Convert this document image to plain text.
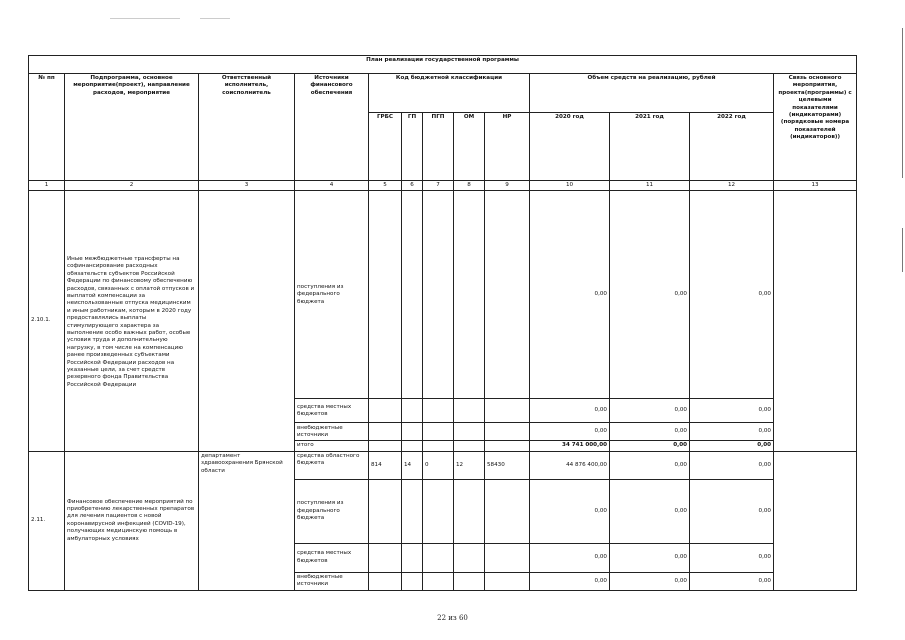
План реализации государственной программы												
№ пп	Подпрограмма, основное мероприятие(проект), направление расходов, мероприятие	Ответственный исполнитель, соисполнитель	Источники финансового обеспечения	Код бюджетной классификации					Объем средств на реализацию, рублей			Связь основного мероприятия, проекта(программы) с целевыми показателями (индикаторами) (порядковые номера показателей (индикаторов))
				ГРБС	ГП	ПГП	ОМ	НР	2020 год	2021 год	2022 год	
1	2	3	4	5	6	7	8	9	10	11	12	13
2.10.1.	Иные межбюджетные трансферты на софинансирование расходных обязательств субъектов Российской Федерации по финансовому обеспечению расходов, связанных с оплатой отпусков и выплатой компенсации за неиспользованные отпуска медицинским и иным работникам, которым в 2020 году предоставлялись выплаты стимулирующего характера за выполнение особо важных работ, особые условия труда и дополнительную нагрузку, в том числе на компенсацию ранее произведенных субъектами Российской Федерации расходов на указанные цели, за счет средств резервного фонда Правительства Российской Федерации		поступления из федерального бюджета						0,00	0,00	0,00	
			средства местных бюджетов						0,00	0,00	0,00	
			внебюджетные источники						0,00	0,00	0,00	
			итого						34 741 000,00	0,00	0,00	
2.11.	Финансовое обеспечение мероприятий по приобретению лекарственных препаратов для лечения пациентов с новой коронавирусной инфекцией (COVID-19), получающих медицинскую помощь в амбулаторных условиях	департамент здравоохранения Брянской области	средства областного бюджета	814	14	0	12	58430	44 876 400,00	0,00	0,00	
			поступления из федерального бюджета						0,00	0,00	0,00	
			средства местных бюджетов						0,00	0,00	0,00	
			внебюджетные источники						0,00	0,00	0,00	
22 из 60
